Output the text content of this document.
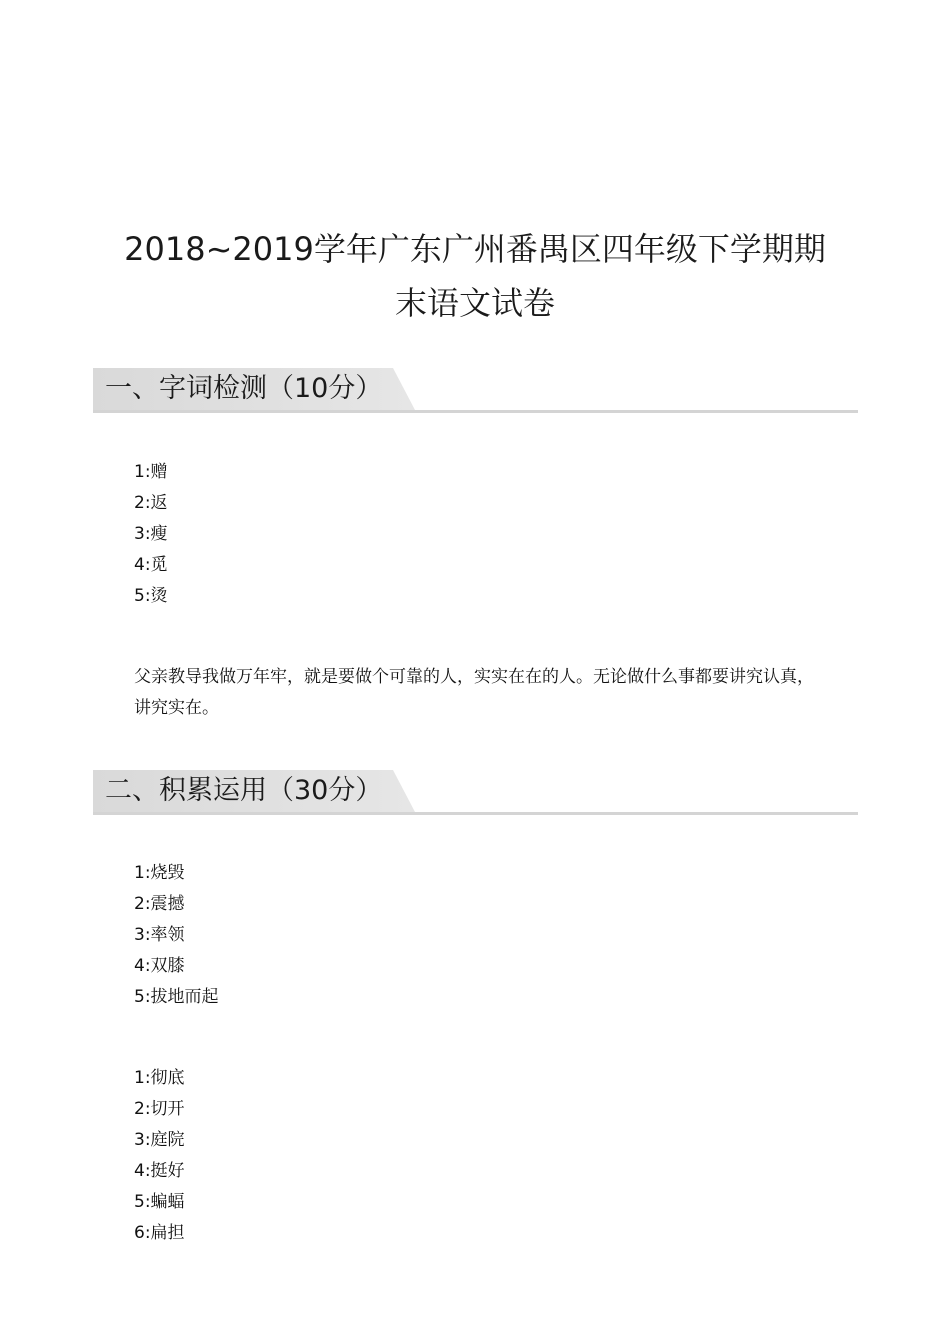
2018~2019学年广东广州番禺区四年级下学期期
末语文试卷
一、字词检测（10分）
1:赠
2:返
3:瘦
4:觅
5:烫
父亲教导我做万年牢，就是要做个可靠的人，实实在在的人。无论做什么事都要讲究认真，讲究实在。
二、积累运用（30分）
1:烧毁
2:震撼
3:率领
4:双膝
5:拔地而起
1:彻底
2:切开
3:庭院
4:挺好
5:蝙蝠
6:扁担
